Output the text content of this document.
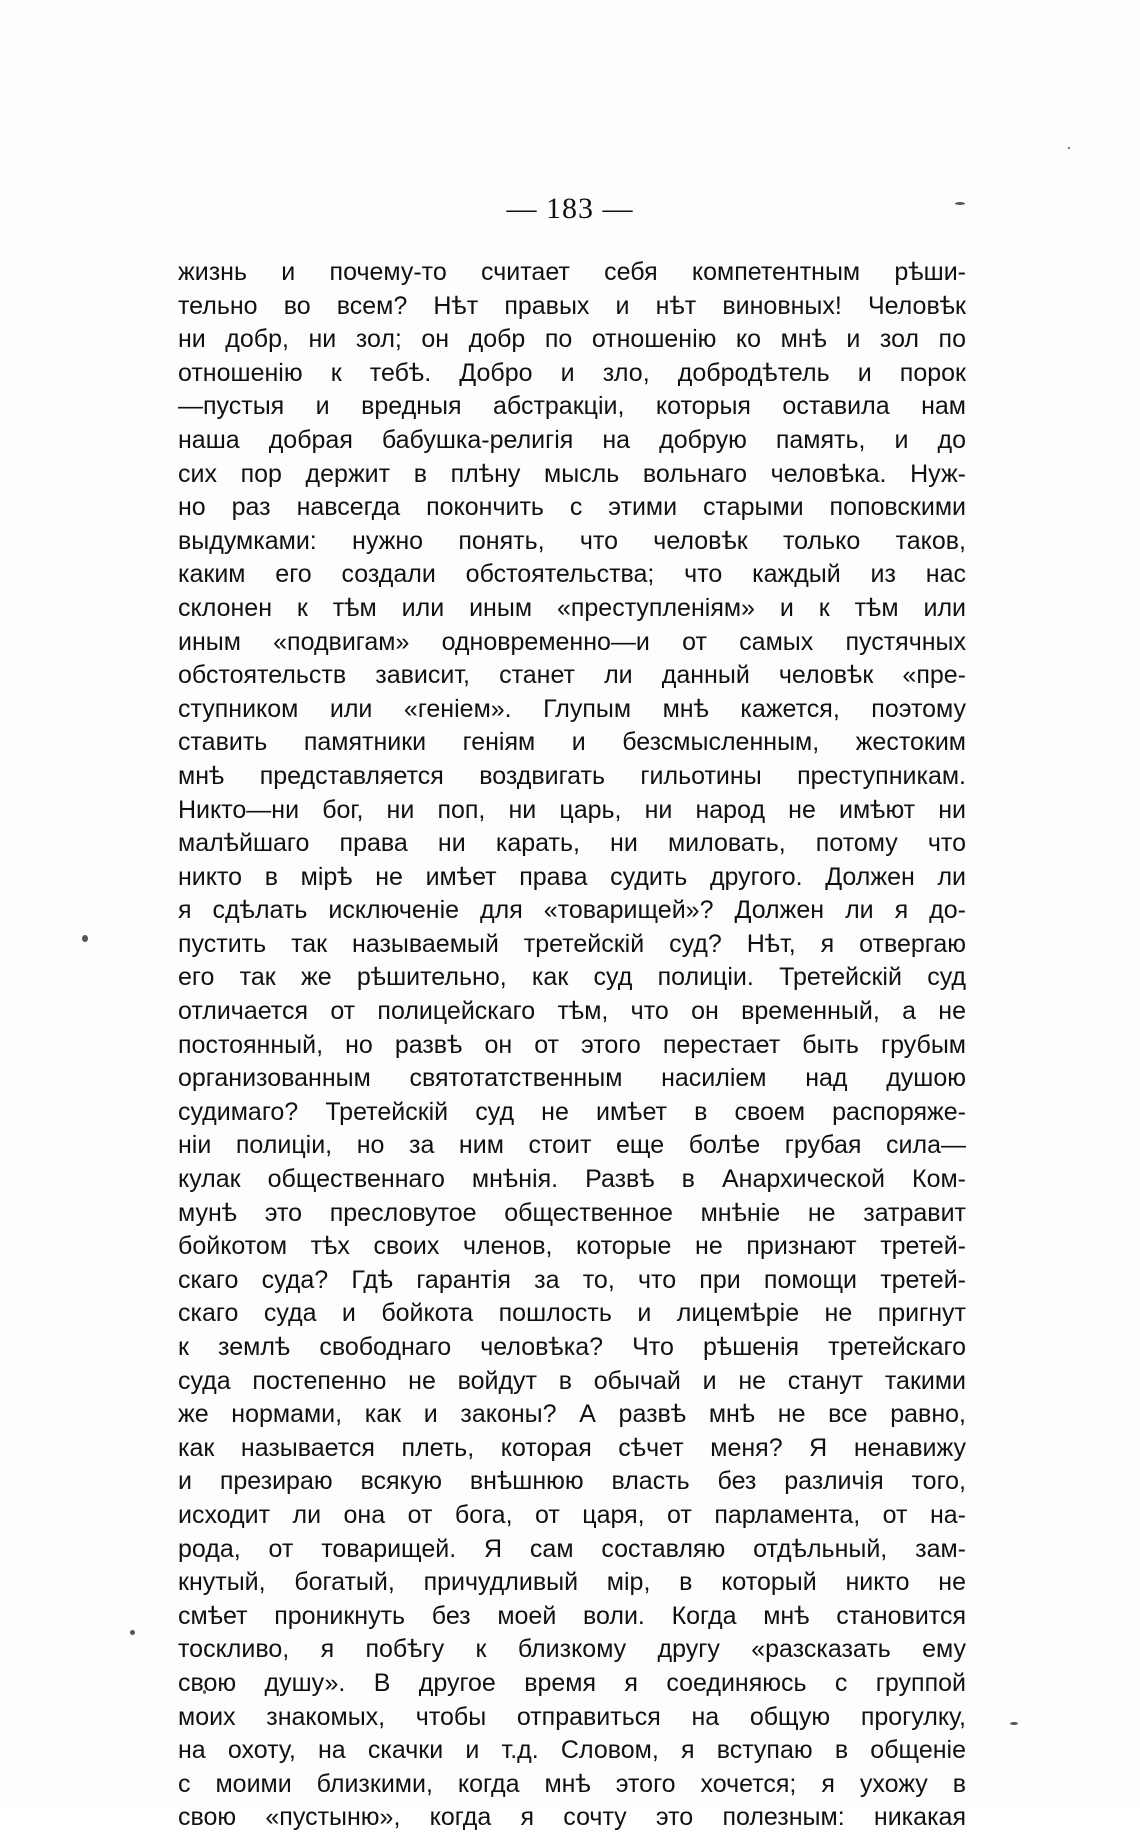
— 183 —
жизнь и почему-то считает себя компетентным рѣши-
тельно во всем? Нѣт правых и нѣт виновных! Человѣк
ни добр, ни зол; он добр по отношенію ко мнѣ и зол по
отношенію к тебѣ. Добро и зло, добродѣтель и порок
—пустыя и вредныя абстракціи, которыя оставила нам
наша добрая бабушка-религія на добрую память, и до
сих пор держит в плѣну мысль вольнаго человѣка. Нуж-
но раз навсегда покончить с этими старыми поповскими
выдумками: нужно понять, что человѣк только таков,
каким его создали обстоятельства; что каждый из нас
склонен к тѣм или иным «преступленіям» и к тѣм или
иным «подвигам» одновременно—и от самых пустячных
обстоятельств зависит, станет ли данный человѣк «пре-
ступником или «геніем». Глупым мнѣ кажется, поэтому
ставить памятники геніям и безсмысленным, жестоким
мнѣ представляется воздвигать гильотины преступникам.
Никто—ни бог, ни поп, ни царь, ни народ не имѣют ни
малѣйшаго права ни карать, ни миловать, потому что
никто в мірѣ не имѣет права судить другого. Должен ли
я сдѣлать исключеніе для «товарищей»? Должен ли я до-
пустить так называемый третейскій суд? Нѣт, я отвергаю
его так же рѣшительно, как суд полиціи. Третейскій суд
отличается от полицейскаго тѣм, что он временный, а не
постоянный, но развѣ он от этого перестает быть грубым
организованным святотатственным насиліем над душою
судимаго? Третейскій суд не имѣет в своем распоряже-
ніи полиціи, но за ним стоит еще болѣе грубая сила—
кулак общественнаго мнѣнія. Развѣ в Анархической Ком-
мунѣ это пресловутое общественное мнѣніе не затравит
бойкотом тѣх своих членов, которые не признают третей-
скаго суда? Гдѣ гарантія за то, что при помощи третей-
скаго суда и бойкота пошлость и лицемѣріе не пригнут
к землѣ свободнаго человѣка? Что рѣшенія третейскаго
суда постепенно не войдут в обычай и не станут такими
же нормами, как и законы? А развѣ мнѣ не все равно,
как называется плеть, которая сѣчет меня? Я ненавижу
и презираю всякую внѣшнюю власть без различія того,
исходит ли она от бога, от царя, от парламента, от на-
рода, от товарищей. Я сам составляю отдѣльный, зам-
кнутый, богатый, причудливый мір, в который никто не
смѣет проникнуть без моей воли. Когда мнѣ становится
тоскливо, я побѣгу к близкому другу «разсказать ему
свою душу». В другое время я соединяюсь с группой
моих знакомых, чтобы отправиться на общую прогулку,
на охоту, на скачки и т.д. Словом, я вступаю в общеніе
с моими близкими, когда мнѣ этого хочется; я ухожу в
свою «пустыню», когда я сочту это полезным: никакая
